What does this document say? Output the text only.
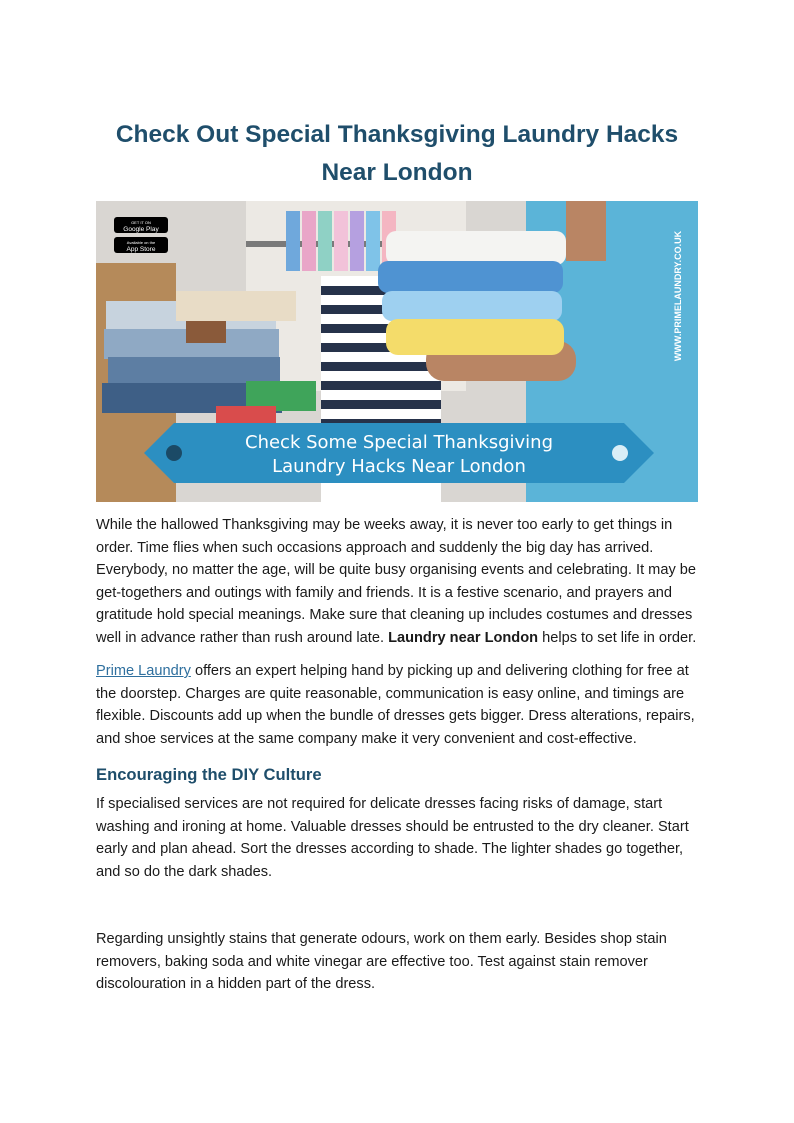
Check Out Special Thanksgiving Laundry Hacks Near London
GET IT ON
Google Play
Available on the
App Store	WWW.PRIMELAUNDRY.CO.UK
Check Some Special Thanksgiving
Laundry Hacks Near London

While the hallowed Thanksgiving may be weeks away, it is never too early to get things in order. Time flies when such occasions approach and suddenly the big day has arrived. Everybody, no matter the age, will be quite busy organising events and celebrating. It may be get-togethers and outings with family and friends. It is a festive scenario, and prayers and gratitude hold special meanings. Make sure that cleaning up includes costumes and dresses well in advance rather than rush around late. Laundry near London helps to set life in order.

Prime Laundry offers an expert helping hand by picking up and delivering clothing for free at the doorstep. Charges are quite reasonable, communication is easy online, and timings are flexible. Discounts add up when the bundle of dresses gets bigger. Dress alterations, repairs, and shoe services at the same company make it very convenient and cost-effective.

Encouraging the DIY Culture

If specialised services are not required for delicate dresses facing risks of damage, start washing and ironing at home. Valuable dresses should be entrusted to the dry cleaner. Start early and plan ahead. Sort the dresses according to shade. The lighter shades go together, and so do the dark shades.

Regarding unsightly stains that generate odours, work on them early. Besides shop stain removers, baking soda and white vinegar are effective too. Test against stain remover discolouration in a hidden part of the dress.
